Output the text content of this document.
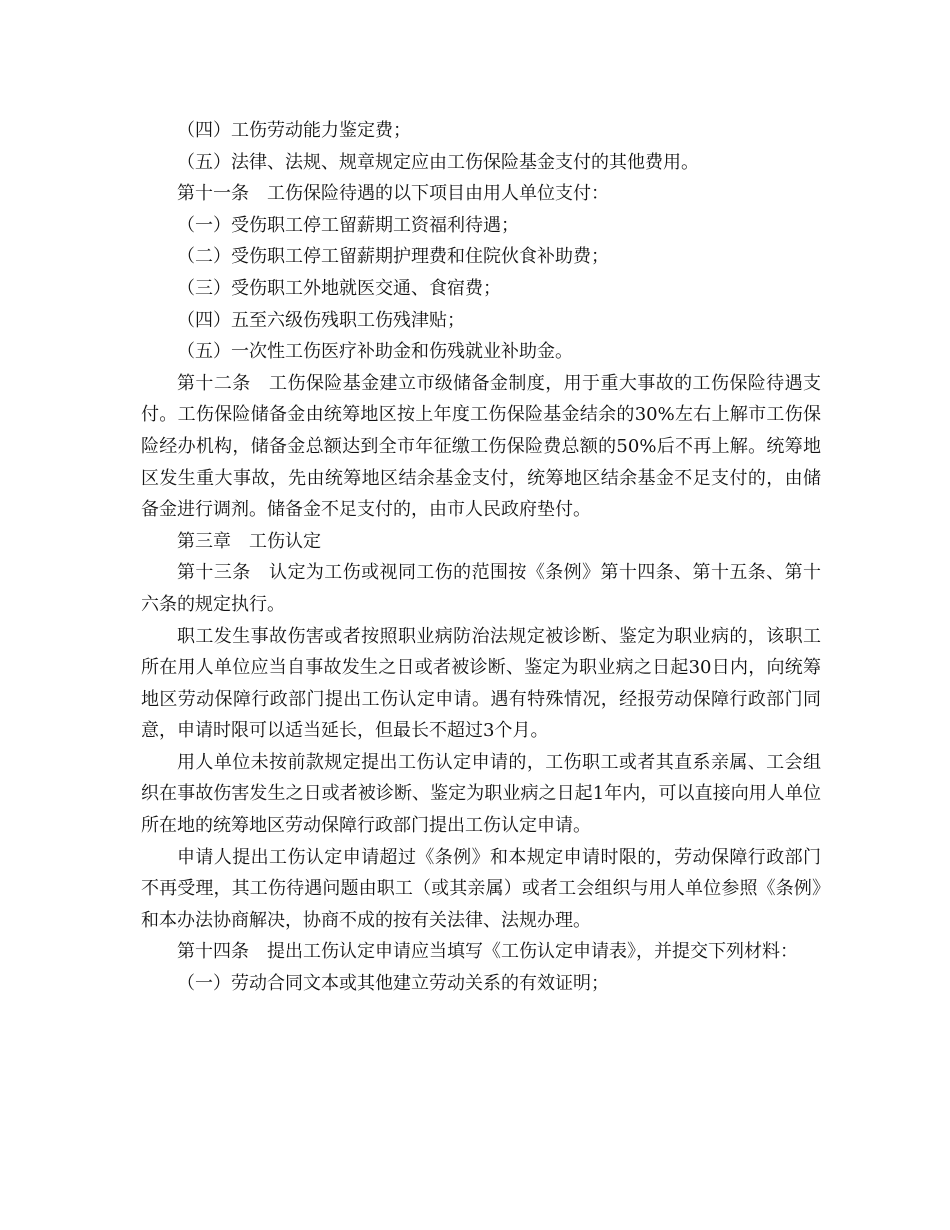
（四）工伤劳动能力鉴定费；

（五）法律、法规、规章规定应由工伤保险基金支付的其他费用。

第十一条　工伤保险待遇的以下项目由用人单位支付：

（一）受伤职工停工留薪期工资福利待遇；

（二）受伤职工停工留薪期护理费和住院伙食补助费；

（三）受伤职工外地就医交通、食宿费；

（四）五至六级伤残职工伤残津贴；

（五）一次性工伤医疗补助金和伤残就业补助金。

第十二条　工伤保险基金建立市级储备金制度，用于重大事故的工伤保险待遇支付。工伤保险储备金由统筹地区按上年度工伤保险基金结余的30%左右上解市工伤保险经办机构，储备金总额达到全市年征缴工伤保险费总额的50%后不再上解。统筹地区发生重大事故，先由统筹地区结余基金支付，统筹地区结余基金不足支付的，由储备金进行调剂。储备金不足支付的，由市人民政府垫付。

第三章　工伤认定

第十三条　认定为工伤或视同工伤的范围按《条例》第十四条、第十五条、第十六条的规定执行。

职工发生事故伤害或者按照职业病防治法规定被诊断、鉴定为职业病的，该职工所在用人单位应当自事故发生之日或者被诊断、鉴定为职业病之日起30日内，向统筹地区劳动保障行政部门提出工伤认定申请。遇有特殊情况，经报劳动保障行政部门同意，申请时限可以适当延长，但最长不超过3个月。

用人单位未按前款规定提出工伤认定申请的，工伤职工或者其直系亲属、工会组织在事故伤害发生之日或者被诊断、鉴定为职业病之日起1年内，可以直接向用人单位所在地的统筹地区劳动保障行政部门提出工伤认定申请。

申请人提出工伤认定申请超过《条例》和本规定申请时限的，劳动保障行政部门不再受理，其工伤待遇问题由职工（或其亲属）或者工会组织与用人单位参照《条例》和本办法协商解决，协商不成的按有关法律、法规办理。

第十四条　提出工伤认定申请应当填写《工伤认定申请表》，并提交下列材料：

（一）劳动合同文本或其他建立劳动关系的有效证明；
